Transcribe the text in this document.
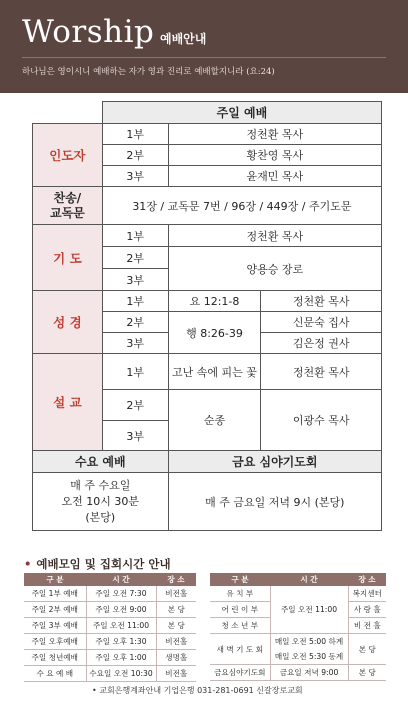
Worship 예배안내
하나님은 영이시니 예배하는 자가 영과 진리로 예배할지니라 (요:24)
	주일 예배		
인도자	1부	정천환 목사	
	2부	황찬영 목사	
	3부	윤재민 목사	
찬송/
교독문	31장 / 교독문 7번 / 96장 / 449장 / 주기도문		
기 도	1부	정천환 목사	
	2부	양용승 장로	
	3부		
성 경	1부	요 12:1-8	정천환 목사
	2부	행 8:26-39	신문숙 집사
	3부		김은정 권사
설 교	1부	고난 속에 피는 꽃	정천환 목사
	2부	순종	이광수 목사
	3부		
수요 예배		금요 심야기도회	
매 주 수요일
오전 10시 30분
(본당)		매 주 금요일 저녁 9시 (본당)	
• 예배모임 및 집회시간 안내
구 분	시 간	장 소
주일 1부 예배	주일 오전 7:30	비전홀
주일 2부 예배	주일 오전 9:00	본 당
주일 3부 예배	주일 오전 11:00	본 당
주일 오후예배	주일 오후 1:30	비전홀
주일 청년예배	주일 오후 1:00	생명홀
수 요 예 배	수요일 오전 10:30	비전홀
구 분	시 간	장 소
유 치 부	주일 오전 11:00	복지센터
어 린 이 부		사 랑 홀
청 소 년 부		비 전 홀
새 벽 기 도 회	매일 오전 5:00 하계	본 당
	매일 오전 5:30 동계	
금요심야기도회	금요일 저녁 9:00	본 당
• 교회은행계좌안내 기업은행 031-281-0691 신갈장로교회
